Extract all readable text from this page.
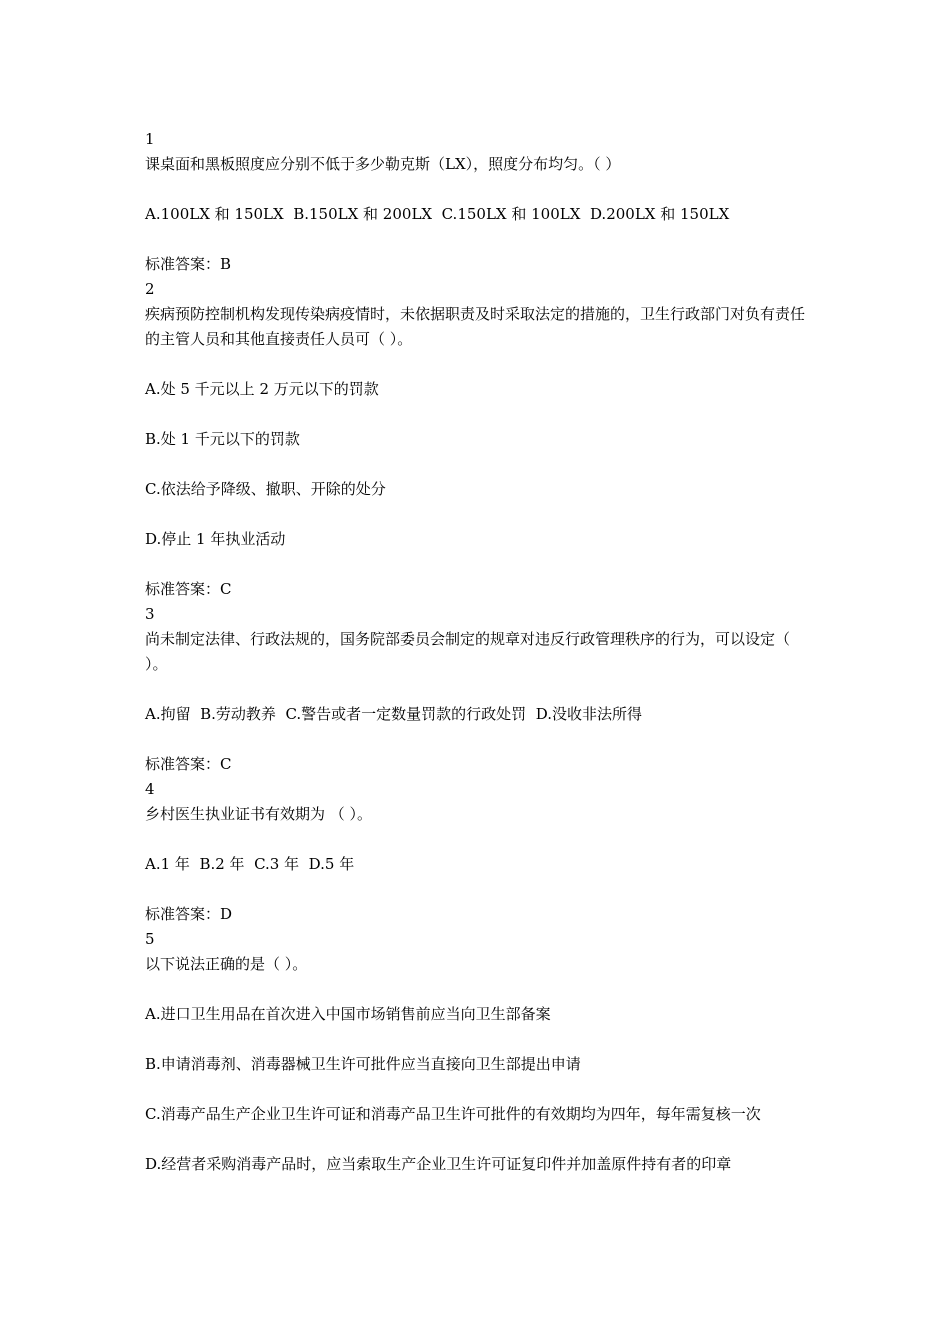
1

课桌面和黑板照度应分别不低于多少勒克斯（LX），照度分布均匀。（ ）

A.100LX 和 150LX  B.150LX 和 200LX  C.150LX 和 100LX  D.200LX 和 150LX

标准答案：B

2

疾病预防控制机构发现传染病疫情时，未依据职责及时采取法定的措施的，卫生行政部门对负有责任的主管人员和其他直接责任人员可（ ）。

A.处 5 千元以上 2 万元以下的罚款

B.处 1 千元以下的罚款

C.依法给予降级、撤职、开除的处分

D.停止 1 年执业活动

标准答案：C

3

尚未制定法律、行政法规的，国务院部委员会制定的规章对违反行政管理秩序的行为，可以设定（ ）。

A.拘留  B.劳动教养  C.警告或者一定数量罚款的行政处罚  D.没收非法所得

标准答案：C

4

乡村医生执业证书有效期为 （ ）。

A.1 年  B.2 年  C.3 年  D.5 年

标准答案：D

5

以下说法正确的是（ ）。

A.进口卫生用品在首次进入中国市场销售前应当向卫生部备案

B.申请消毒剂、消毒器械卫生许可批件应当直接向卫生部提出申请

C.消毒产品生产企业卫生许可证和消毒产品卫生许可批件的有效期均为四年，每年需复核一次

D.经营者采购消毒产品时，应当索取生产企业卫生许可证复印件并加盖原件持有者的印章
